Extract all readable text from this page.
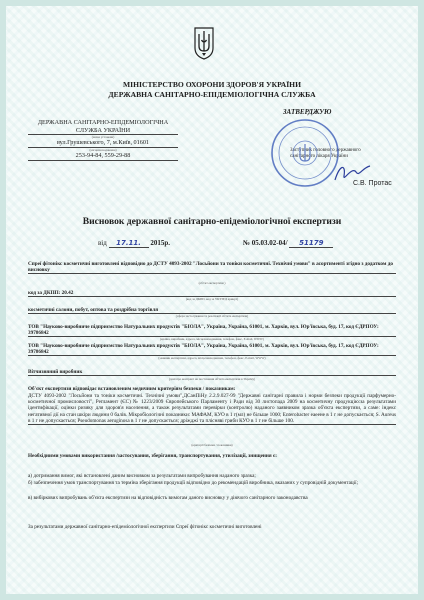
МІНІСТЕРСТВО ОХОРОНИ ЗДОРОВ'Я УКРАЇНИ
ДЕРЖАВНА САНІТАРНО-ЕПІДЕМІОЛОГІЧНА СЛУЖБА
ДЕРЖАВНА САНІТАРНО-ЕПІДЕМІОЛОГІЧНА
СЛУЖБА УКРАЇНИ
(назва установи)
вул.Грушевського, 7, м.Київ, 01601
(місцезнаходження)
253-94-84, 559-29-88
ЗАТВЕРДЖУЮ
Заступник головного державного
санітарного лікаря України
С.В. Протас
Висновок державної санітарно-епідеміологічної експертизи
від 17.11. 2015р.	№ 05.03.02-04/ 51179
Спреї фітонікс косметичні виготовлені відповідно до ДСТУ 4093-2002 "Лосьйони та тоніки косметичні. Технічні умови" в асортименті згідно з додатком до висновку
(об'єкт експертизи )
код за ДКПП: 20.42
(код за ДКПП, код за УКТЗЕД арикул)
косметичні салони, побут, оптова та роздрібна торгівля
(сфера застосування та реалізації об'єкта експертизи)
ТОВ "Науково-виробниче підприємство Натуральних продуктів "БІОЛА", Україна, Україна, 61001, м. Харків, вул. Юр'ївська, буд. 17, код ЄДРПОУ: 39786842
(країна, виробник, адреса, місцезнаходження, телефон, факс, E-mail, WWW)
ТОВ "Науково-виробниче підприємство Натуральних продуктів "БІОЛА", Україна, Україна, 61001, м. Харків, вул. Юр'ївська, буд. 17, код ЄДРПОУ: 39786842
(заявник експертизи, адреса, місцезнаходження, телефон, факс, E-mail, WWW)
Вітчизняний виробник
(дані про контракт на постачання об'єкта експертизи в Україну)
Об'єкт експертизи відповідає встановленим медичним критеріям безпеки / показникам:
ДСТУ 4093-2002 "Лосьйони та тоніки косметичні. Технічні умови",ДСанПіНу 2.2.9.027-99 "Державні санітарні правила і норми безпеки продукції парфумерно-косметичної промисловості", Регламент (ЄС) № 1223/2009 Європейського Парламенту і Ради від 30 листопада 2009 на косметичну продукцію:за результатами ідентифікації, оцінки ризику для здоров'я населення, а також результатами перевірки (контролю) наданого заявником зразка об'єкта експертизи, а саме: індекс негативної дії на стан шкіри людини 0 балів. Мікробіологічні показники: МАФАМ, КУО в 1 г(мл) не більше 1000; Enterobacter еаеене в 1 г не допускається; S. Aureus в 1 г не допускається; Pseudomonas aeruginosa в 1 г не допускається; дріжджі та плісняві гриби КУО в 1 г не більше 100.
(критерії безпеки / показники)
Необхідними умовами використання /застосування, зберігання, транспортування, утилізації, знищення є:
а) дотримання вимог, які встановлені даним висновком за результатами випробування наданого зразка;
б) забезпечення умов транспортування та терміна зберігання продукції відповідно до рекомендацій виробника, вказаних у супровідній документації;
в) вибіркових випробувань об'єкта експертизи на відповідність вимогам даного висновку у діючого санітарного законодавства
За результатами державної санітарно-епідеміологічної експертизи Спреї фітонікс косметичні виготовлені
